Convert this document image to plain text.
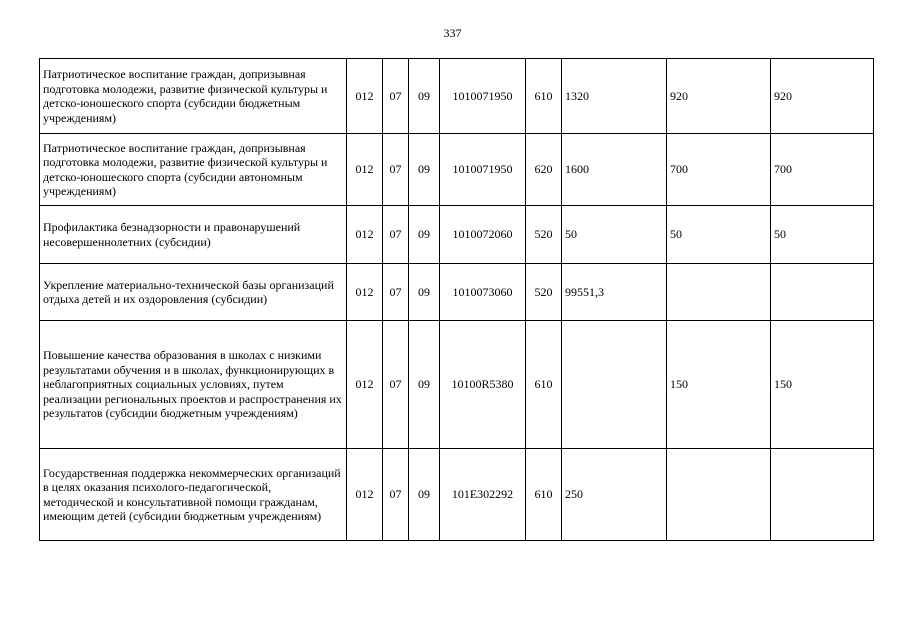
337
Патриотическое воспитание граждан, допризывная подготовка молодежи, развитие физической культуры и детско-юношеского спорта (субсидии бюджетным учреждениям)	012	07	09	1010071950	610	1320	920	920
Патриотическое воспитание граждан, допризывная подготовка молодежи, развитие физической культуры и детско-юношеского спорта (субсидии автономным учреждениям)	012	07	09	1010071950	620	1600	700	700
Профилактика безнадзорности и правонарушений несовершеннолетних (субсидии)	012	07	09	1010072060	520	50	50	50
Укрепление материально-технической базы организаций отдыха детей и их оздоровления (субсидии)	012	07	09	1010073060	520	99551,3		
Повышение качества образования в школах с низкими результатами обучения и в школах, функционирующих в неблагоприятных социальных условиях, путем реализации региональных проектов и распространения их результатов (субсидии бюджетным учреждениям)	012	07	09	10100R5380	610		150	150
Государственная поддержка некоммерческих организаций в целях оказания психолого-педагогической, методической и консультативной помощи гражданам, имеющим детей (субсидии бюджетным учреждениям)	012	07	09	101E302292	610	250		
